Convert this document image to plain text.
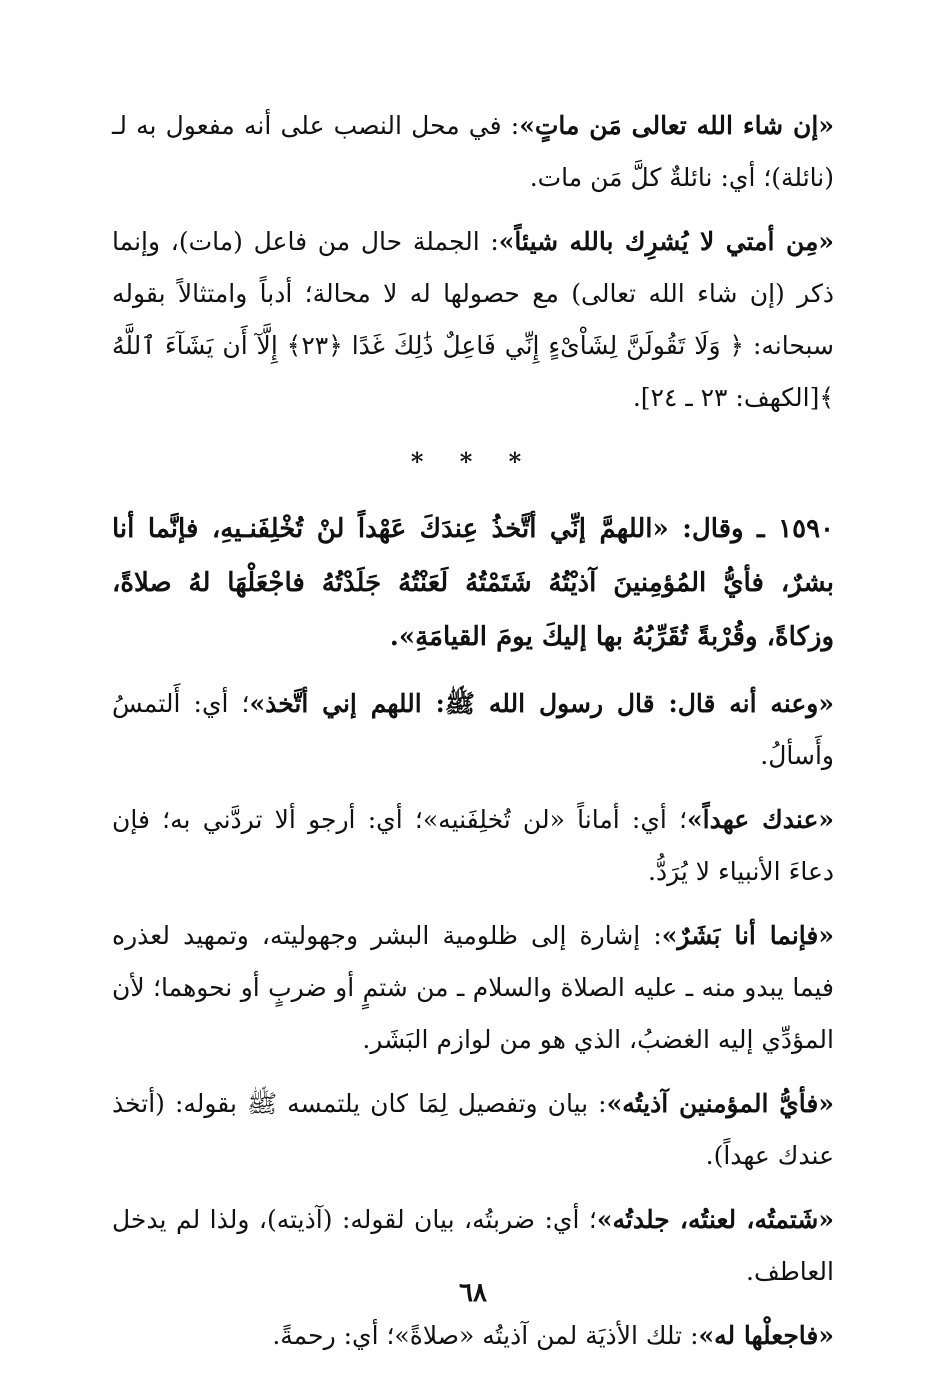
«إن شاء الله تعالى مَن ماتٍ»: في محل النصب على أنه مفعول به لـ (نائلة)؛ أي: نائلةٌ كلَّ مَن مات.

«مِن أمتي لا يُشرِك بالله شيئاً»: الجملة حال من فاعل (مات)، وإنما ذكر (إن شاء الله تعالى) مع حصولها له لا محالة؛ أدباً وامتثالاً بقوله سبحانه: ﴿ وَلَا تَقُولَنَّ لِشَاْىْءٍ إِنِّي فَاعِلٌ ذَٰلِكَ غَدًا ﴿٢٣﴾ إِلَّآ أَن يَشَآءَ ٱللَّهُ ﴾[الكهف: ٢٣ ـ ٢٤].

* * *

١٥٩٠ ـ وقال: «اللهمَّ إنِّي أتَّخذُ عِندَكَ عَهْداً لنْ تُخْلِفَنـيهِ، فإنَّما أنا بشرٌ، فأيُّ المُؤمِنينَ آذيْتُهُ شَتَمْتُهُ لَعَنْتُهُ جَلَدْتُهُ فاجْعَلْهَا لهُ صلاةً، وزكاةً، وقُرْبةً تُقَرِّبُهُ بها إليكَ يومَ القيامَةِ».

«وعنه أنه قال: قال رسول الله ﷺ: اللهم إني أتَّخذ»؛ أي: أَلتمسُ وأَسألُ.

«عندك عهداً»؛ أي: أماناً «لن تُخلِفَنيه»؛ أي: أرجو ألا تردَّني به؛ فإن دعاءَ الأنبياء لا يُرَدُّ.

«فإنما أنا بَشَرٌ»: إشارة إلى ظلومية البشر وجهوليته، وتمهيد لعذره فيما يبدو منه ـ عليه الصلاة والسلام ـ من شتمٍ أو ضربٍ أو نحوهما؛ لأن المؤدِّي إليه الغضبُ، الذي هو من لوازم البَشَر.

«فأيُّ المؤمنين آذيتُه»: بيان وتفصيل لِمَا كان يلتمسه ﷺ بقوله: (أتخذ عندك عهداً).

«شَتمتُه، لعنتُه، جلدتُه»؛ أي: ضربتُه، بيان لقوله: (آذيته)، ولذا لم يدخل العاطف.

«فاجعلْها له»: تلك الأذيَة لمن آذيتُه «صلاةً»؛ أي: رحمةً.

٦٨
